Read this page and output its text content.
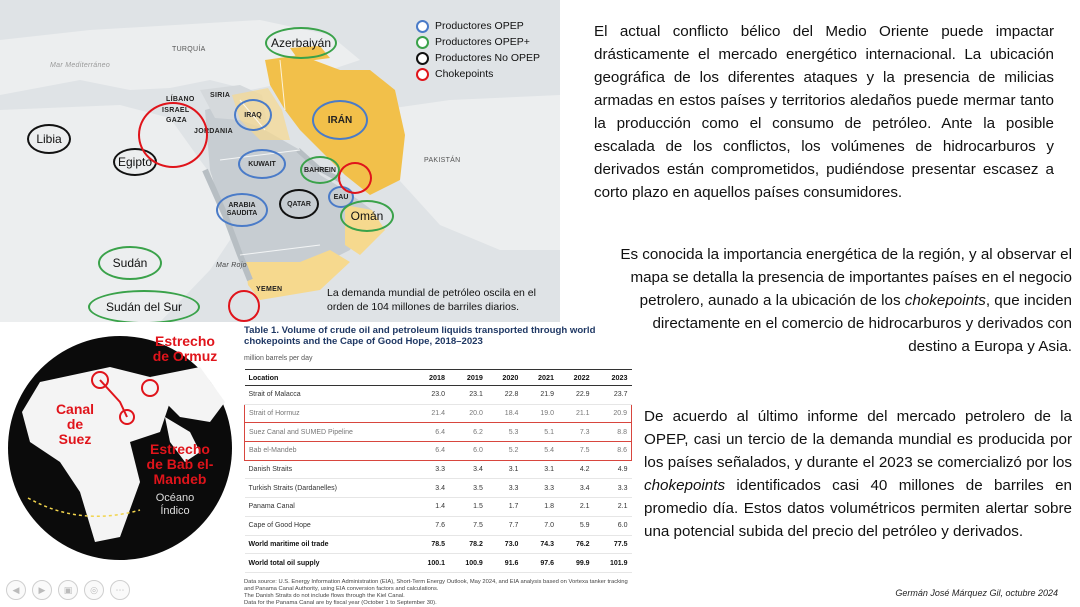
TURQUÍA
Mar Mediterráneo
LÍBANO
ISRAEL
GAZA
SIRIA
JORDANIA
PAKISTÁN
Mar Rojo
YEMEN
IRAQ	IRÁN
KUWAIT
ARABIA SAUDITA
EAU
BAHREIN
Azerbaiyán
Omán
Sudán
Sudán del Sur
Libia
Egipto
QATAR
Productores OPEP
Productores OPEP+
Productores No OPEP
Chokepoints
La demanda mundial de petróleo oscila en el orden de 104 millones de barriles diarios.
Estrecho de Ormuz
Canal de Suez
Estrecho de Bab el-Mandeb
Océano Índico
Table 1. Volume of crude oil and petroleum liquids transported through world chokepoints and the Cape of Good Hope, 2018–2023
million barrels per day
Location	2018	2019	2020	2021	2022	2023
Strait of Malacca	23.0	23.1	22.8	21.9	22.9	23.7
Strait of Hormuz	21.4	20.0	18.4	19.0	21.1	20.9
Suez Canal and SUMED Pipeline	6.4	6.2	5.3	5.1	7.3	8.8
Bab el-Mandeb	6.4	6.0	5.2	5.4	7.5	8.6
Danish Straits	3.3	3.4	3.1	3.1	4.2	4.9
Turkish Straits (Dardanelles)	3.4	3.5	3.3	3.3	3.4	3.3
Panama Canal	1.4	1.5	1.7	1.8	2.1	2.1
Cape of Good Hope	7.6	7.5	7.7	7.0	5.9	6.0
World maritime oil trade	78.5	78.2	73.0	74.3	76.2	77.5
World total oil supply	100.1	100.9	91.6	97.6	99.9	101.9
Data source: U.S. Energy Information Administration (EIA), Short-Term Energy Outlook, May 2024, and EIA analysis based on Vortexa tanker tracking and Panama Canal Authority, using EIA conversion factors and calculations.
The Danish Straits do not include flows through the Kiel Canal.
Data for the Panama Canal are by fiscal year (October 1 to September 30).
El actual conflicto bélico del Medio Oriente puede impactar drásticamente el mercado energético internacional. La ubicación geográfica de los diferentes ataques y la presencia de milicias armadas en estos países y territorios aledaños puede mermar tanto la producción como el consumo de petróleo. Ante la posible escalada de los conflictos, los volúmenes de hidrocarburos y derivados están comprometidos, pudiéndose presentar escasez a corto plazo en aquellos países consumidores.
Es conocida la importancia energética de la región, y al observar el mapa se detalla la presencia de importantes países en el negocio petrolero, aunado a la ubicación de los chokepoints, que inciden directamente en el comercio de hidrocarburos y derivados con destino a Europa y Asia.
De acuerdo al último informe del mercado petrolero de la OPEP, casi un tercio de la demanda mundial es producida por los países señalados, y durante el 2023 se comercializó por los chokepoints identificados casi 40 millones de barriles en promedio día. Estos datos volumétricos permiten alertar sobre una potencial subida del precio del petróleo y derivados.
Germán José Márquez Gil, octubre 2024
◀	▶	▣	◎	⋯
